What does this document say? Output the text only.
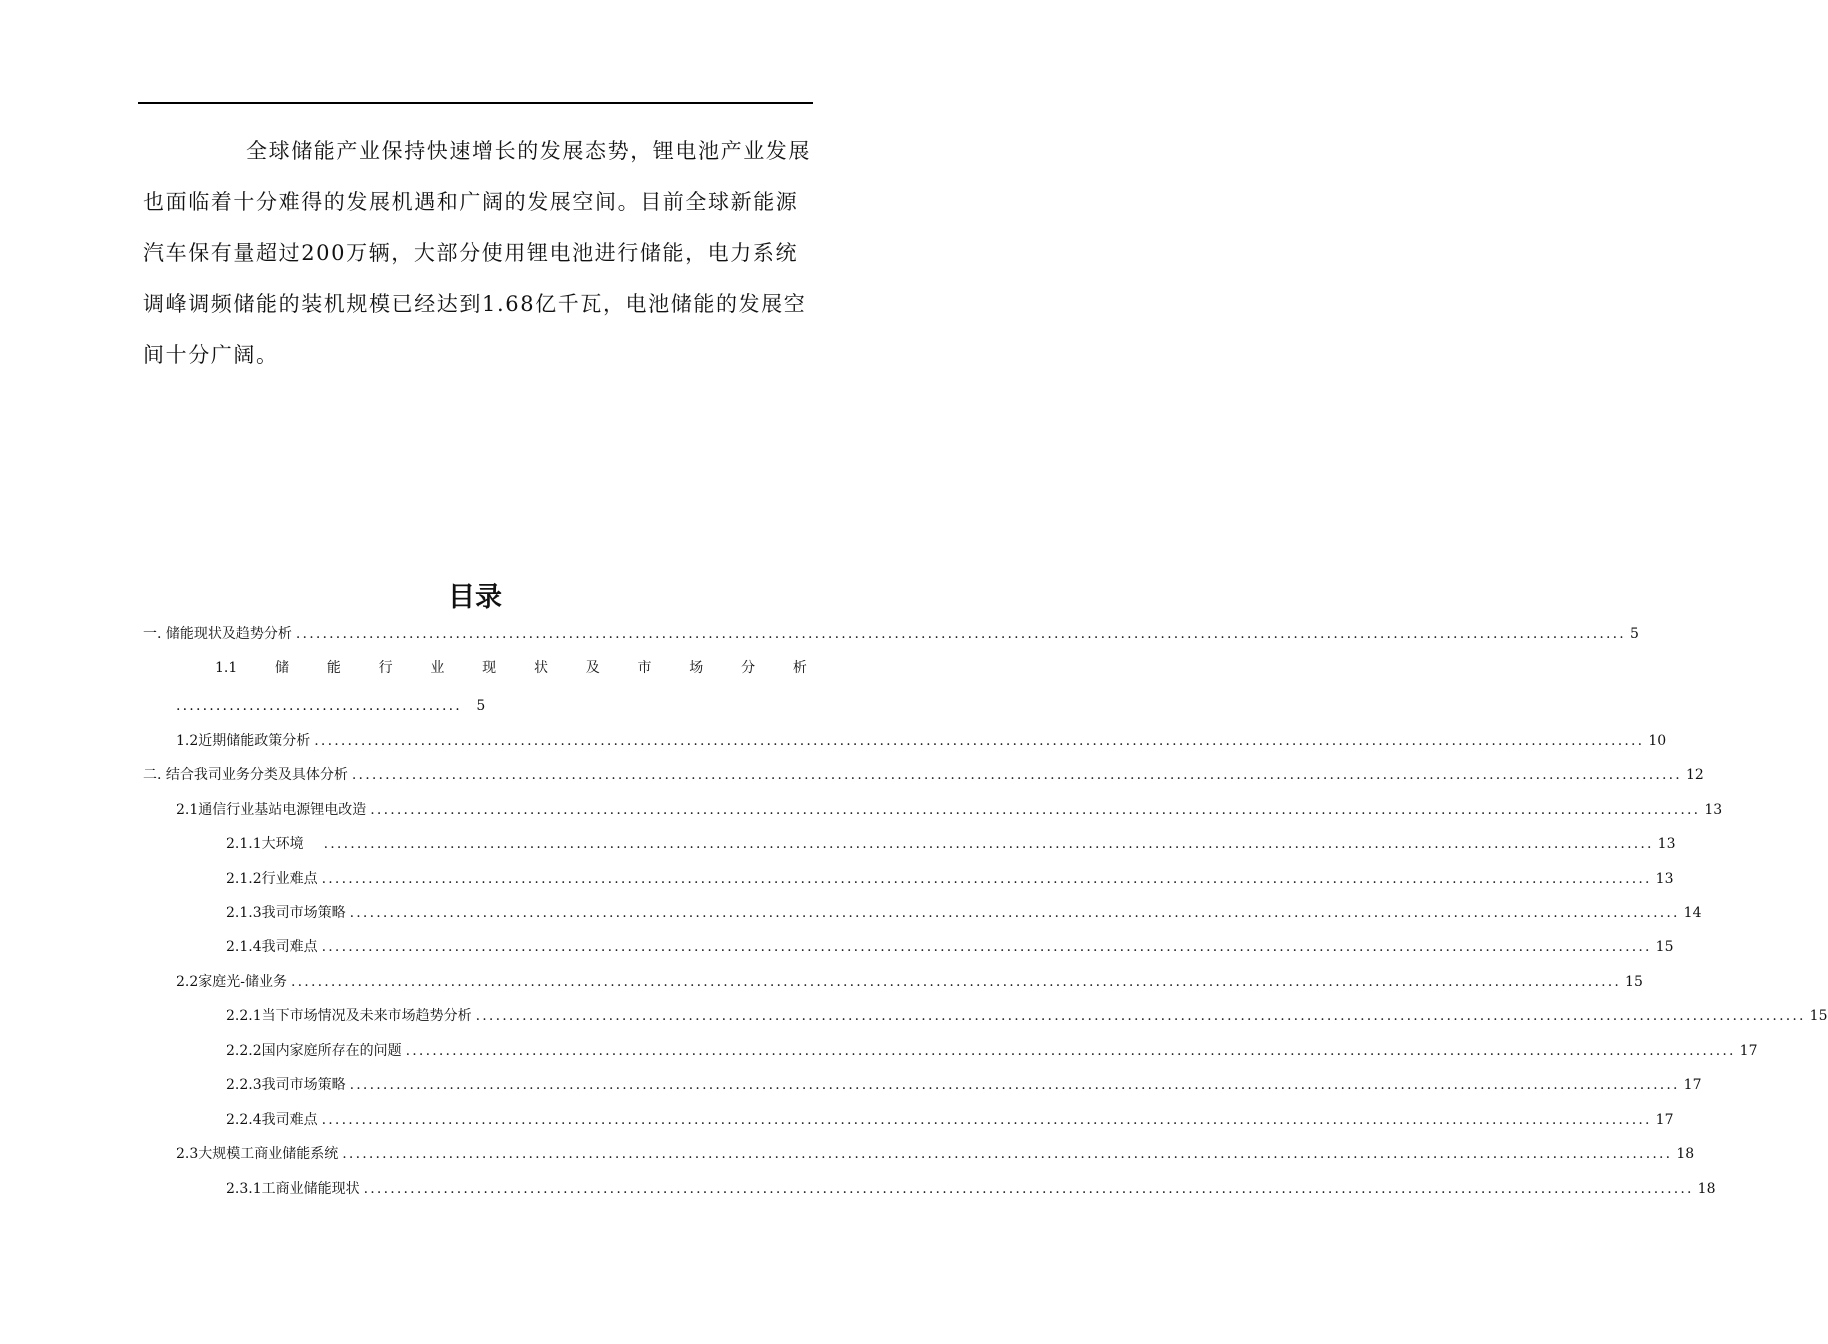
全球储能产业保持快速增长的发展态势，锂电池产业发展
也面临着十分难得的发展机遇和广阔的发展空间。目前全球新能源
汽车保有量超过200万辆，大部分使用锂电池进行储能，电力系统
调峰调频储能的装机规模已经达到1.68亿千瓦，电池储能的发展空
间十分广阔。
目录
一. 储能现状及趋势分析 ........................................................................................................................................................................................................ 5
1.1	储	能	行	业	现	状	及	市	场	分	析
........................................... 5
1.2近期储能政策分析 ........................................................................................................................................................................................................ 10
二. 结合我司业务分类及具体分析 ........................................................................................................................................................................................................ 12
2.1通信行业基站电源锂电改造 ........................................................................................................................................................................................................ 13
2.1.1大环境 ........................................................................................................................................................................................................ 13
2.1.2行业难点 ........................................................................................................................................................................................................ 13
2.1.3我司市场策略 ........................................................................................................................................................................................................ 14
2.1.4我司难点 ........................................................................................................................................................................................................ 15
2.2家庭光-储业务 ........................................................................................................................................................................................................ 15
2.2.1当下市场情况及未来市场趋势分析 ........................................................................................................................................................................................................ 15
2.2.2国内家庭所存在的问题 ........................................................................................................................................................................................................ 17
2.2.3我司市场策略 ........................................................................................................................................................................................................ 17
2.2.4我司难点 ........................................................................................................................................................................................................ 17
2.3大规模工商业储能系统 ........................................................................................................................................................................................................ 18
2.3.1工商业储能现状 ........................................................................................................................................................................................................ 18
